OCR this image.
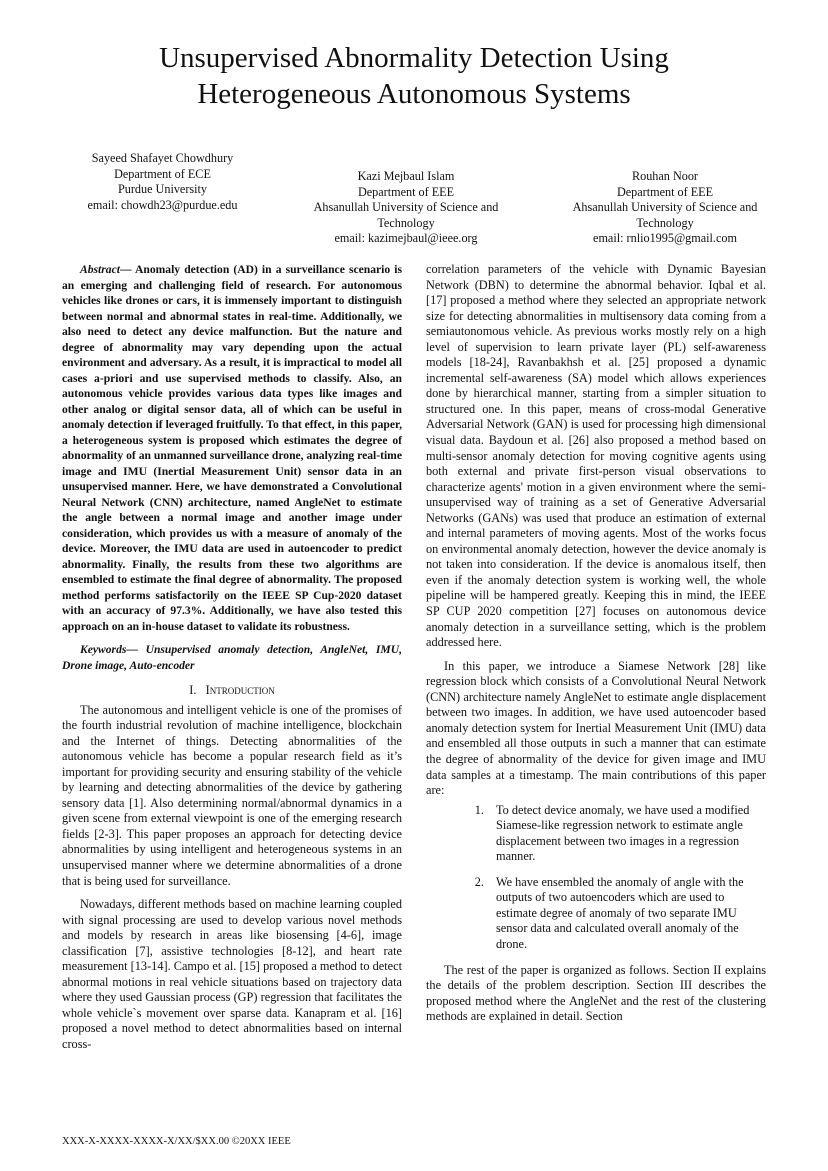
Unsupervised Abnormality Detection Using
Heterogeneous Autonomous Systems
Sayeed Shafayet Chowdhury
Department of ECE
Purdue University
email: chowdh23@purdue.edu
Kazi Mejbaul Islam
Department of EEE
Ahsanullah University of Science and Technology
email: kazimejbaul@ieee.org
Rouhan Noor
Department of EEE
Ahsanullah University of Science and Technology
email: rnlio1995@gmail.com

Abstract— Anomaly detection (AD) in a surveillance scenario is an emerging and challenging field of research. For autonomous vehicles like drones or cars, it is immensely important to distinguish between normal and abnormal states in real-time. Additionally, we also need to detect any device malfunction. But the nature and degree of abnormality may vary depending upon the actual environment and adversary. As a result, it is impractical to model all cases a-priori and use supervised methods to classify. Also, an autonomous vehicle provides various data types like images and other analog or digital sensor data, all of which can be useful in anomaly detection if leveraged fruitfully. To that effect, in this paper, a heterogeneous system is proposed which estimates the degree of abnormality of an unmanned surveillance drone, analyzing real-time image and IMU (Inertial Measurement Unit) sensor data in an unsupervised manner. Here, we have demonstrated a Convolutional Neural Network (CNN) architecture, named AngleNet to estimate the angle between a normal image and another image under consideration, which provides us with a measure of anomaly of the device. Moreover, the IMU data are used in autoencoder to predict abnormality. Finally, the results from these two algorithms are ensembled to estimate the final degree of abnormality. The proposed method performs satisfactorily on the IEEE SP Cup-2020 dataset with an accuracy of 97.3%. Additionally, we have also tested this approach on an in-house dataset to validate its robustness.

Keywords— Unsupervised anomaly detection, AngleNet, IMU, Drone image, Auto-encoder

I. Introduction

The autonomous and intelligent vehicle is one of the promises of the fourth industrial revolution of machine intelligence, blockchain and the Internet of things. Detecting abnormalities of the autonomous vehicle has become a popular research field as it’s important for providing security and ensuring stability of the vehicle by learning and detecting abnormalities of the device by gathering sensory data [1]. Also determining normal/abnormal dynamics in a given scene from external viewpoint is one of the emerging research fields [2-3]. This paper proposes an approach for detecting device abnormalities by using intelligent and heterogeneous systems in an unsupervised manner where we determine abnormalities of a drone that is being used for surveillance.

Nowadays, different methods based on machine learning coupled with signal processing are used to develop various novel methods and models by research in areas like biosensing [4-6], image classification [7], assistive technologies [8-12], and heart rate measurement [13-14]. Campo et al. [15] proposed a method to detect abnormal motions in real vehicle situations based on trajectory data where they used Gaussian process (GP) regression that facilitates the whole vehicle`s movement over sparse data. Kanapram et al. [16] proposed a novel method to detect abnormalities based on internal cross-

correlation parameters of the vehicle with Dynamic Bayesian Network (DBN) to determine the abnormal behavior. Iqbal et al. [17] proposed a method where they selected an appropriate network size for detecting abnormalities in multisensory data coming from a semiautonomous vehicle. As previous works mostly rely on a high level of supervision to learn private layer (PL) self-awareness models [18-24], Ravanbakhsh et al. [25] proposed a dynamic incremental self-awareness (SA) model which allows experiences done by hierarchical manner, starting from a simpler situation to structured one. In this paper, means of cross-modal Generative Adversarial Network (GAN) is used for processing high dimensional visual data. Baydoun et al. [26] also proposed a method based on multi-sensor anomaly detection for moving cognitive agents using both external and private first-person visual observations to characterize agents' motion in a given environment where the semi-unsupervised way of training as a set of Generative Adversarial Networks (GANs) was used that produce an estimation of external and internal parameters of moving agents. Most of the works focus on environmental anomaly detection, however the device anomaly is not taken into consideration. If the device is anomalous itself, then even if the anomaly detection system is working well, the whole pipeline will be hampered greatly. Keeping this in mind, the IEEE SP CUP 2020 competition [27] focuses on autonomous device anomaly detection in a surveillance setting, which is the problem addressed here.

In this paper, we introduce a Siamese Network [28] like regression block which consists of a Convolutional Neural Network (CNN) architecture namely AngleNet to estimate angle displacement between two images. In addition, we have used autoencoder based anomaly detection system for Inertial Measurement Unit (IMU) data and ensembled all those outputs in such a manner that can estimate the degree of abnormality of the device for given image and IMU data samples at a timestamp. The main contributions of this paper are:

1. To detect device anomaly, we have used a modified Siamese-like regression network to estimate angle displacement between two images in a regression manner.
2. We have ensembled the anomaly of angle with the outputs of two autoencoders which are used to estimate degree of anomaly of two separate IMU sensor data and calculated overall anomaly of the drone.

The rest of the paper is organized as follows. Section II explains the details of the problem description. Section III describes the proposed method where the AngleNet and the rest of the clustering methods are explained in detail. Section

XXX-X-XXXX-XXXX-X/XX/$XX.00 ©20XX IEEE
